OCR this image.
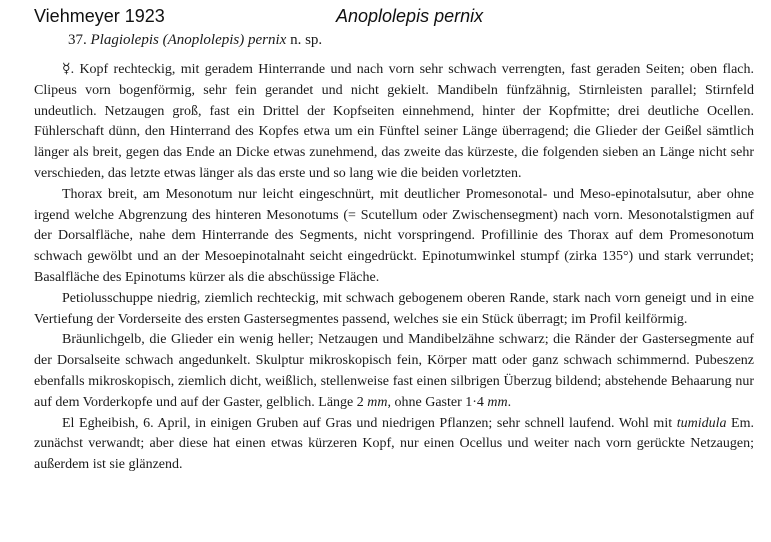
Viehmeyer 1923	Anoplolepis pernix
37. Plagiolepis (Anoplolepis) pernix n. sp.

☿. Kopf rechteckig, mit geradem Hinterrande und nach vorn sehr schwach verrengten, fast geraden Seiten; oben flach. Clipeus vorn bogenförmig, sehr fein gerandet und nicht gekielt. Mandibeln fünfzähnig, Stirnleisten parallel; Stirnfeld undeutlich. Netzaugen groß, fast ein Drittel der Kopfseiten einnehmend, hinter der Kopfmitte; drei deutliche Ocellen. Fühlerschaft dünn, den Hinterrand des Kopfes etwa um ein Fünftel seiner Länge überragend; die Glieder der Geißel sämtlich länger als breit, gegen das Ende an Dicke etwas zunehmend, das zweite das kürzeste, die folgenden sieben an Länge nicht sehr verschieden, das letzte etwas länger als das erste und so lang wie die beiden vorletzten.

Thorax breit, am Mesonotum nur leicht eingeschnürt, mit deutlicher Promesonotal- und Meso-epinotalsutur, aber ohne irgend welche Abgrenzung des hinteren Mesonotums (= Scutellum oder Zwischensegment) nach vorn. Mesonotalstigmen auf der Dorsalfläche, nahe dem Hinterrande des Segments, nicht vorspringend. Profillinie des Thorax auf dem Promesonotum schwach gewölbt und an der Mesoepinotalnaht seicht eingedrückt. Epinotumwinkel stumpf (zirka 135°) und stark verrundet; Basalfläche des Epinotums kürzer als die abschüssige Fläche.

Petiolusschuppe niedrig, ziemlich rechteckig, mit schwach gebogenem oberen Rande, stark nach vorn geneigt und in eine Vertiefung der Vorderseite des ersten Gastersegmentes passend, welches sie ein Stück überragt; im Profil keilförmig.

Bräunlichgelb, die Glieder ein wenig heller; Netzaugen und Mandibelzähne schwarz; die Ränder der Gastersegmente auf der Dorsalseite schwach angedunkelt. Skulptur mikroskopisch fein, Körper matt oder ganz schwach schimmernd. Pubeszenz ebenfalls mikroskopisch, ziemlich dicht, weißlich, stellenweise fast einen silbrigen Überzug bildend; abstehende Behaarung nur auf dem Vorderkopfe und auf der Gaster, gelblich. Länge 2 mm, ohne Gaster 1·4 mm.

El Egheibish, 6. April, in einigen Gruben auf Gras und niedrigen Pflanzen; sehr schnell laufend. Wohl mit tumidula Em. zunächst verwandt; aber diese hat einen etwas kürzeren Kopf, nur einen Ocellus und weiter nach vorn gerückte Netzaugen; außerdem ist sie glänzend.
